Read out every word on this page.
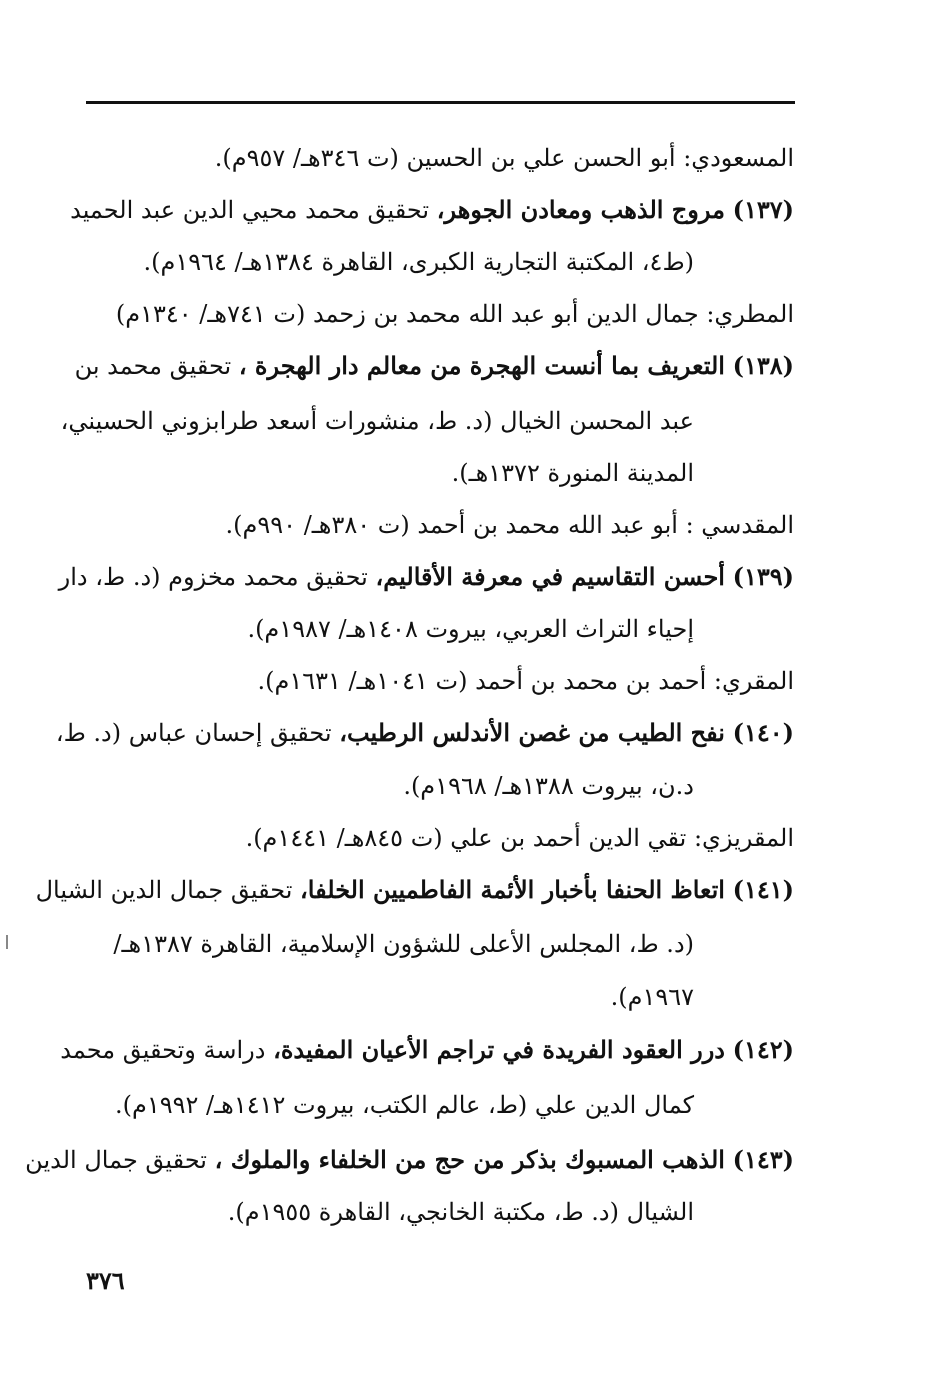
المسعودي: أبو الحسن علي بن الحسين (ت ٣٤٦هـ/ ٩٥٧م).
(١٣٧) مروج الذهب ومعادن الجوهر، تحقيق محمد محيي الدين عبد الحميد
(ط٤، المكتبة التجارية الكبرى، القاهرة ١٣٨٤هـ/ ١٩٦٤م).
المطري: جمال الدين أبو عبد الله محمد بن زحمد (ت ٧٤١هـ/ ١٣٤٠م)
(١٣٨) التعريف بما أنست الهجرة من معالم دار الهجرة ، تحقيق محمد بن
عبد المحسن الخيال (د. ط، منشورات أسعد طرابزوني الحسيني،
المدينة المنورة ١٣٧٢هـ).
المقدسي : أبو عبد الله محمد بن أحمد (ت ٣٨٠هـ/ ٩٩٠م).
(١٣٩) أحسن التقاسيم في معرفة الأقاليم، تحقيق محمد مخزوم (د. ط، دار
إحياء التراث العربي، بيروت ١٤٠٨هـ/ ١٩٨٧م).
المقري: أحمد بن محمد بن أحمد (ت ١٠٤١هـ/ ١٦٣١م).
(١٤٠) نفح الطيب من غصن الأندلس الرطيب، تحقيق إحسان عباس (د. ط،
د.ن، بيروت ١٣٨٨هـ/ ١٩٦٨م).
المقريزي: تقي الدين أحمد بن علي (ت ٨٤٥هـ/ ١٤٤١م).
(١٤١) اتعاظ الحنفا بأخبار الأئمة الفاطميين الخلفا، تحقيق جمال الدين الشيال
(د. ط، المجلس الأعلى للشؤون الإسلامية، القاهرة ١٣٨٧هـ/
١٩٦٧م).
(١٤٢) درر العقود الفريدة في تراجم الأعيان المفيدة، دراسة وتحقيق محمد
كمال الدين علي (ط، عالم الكتب، بيروت ١٤١٢هـ/ ١٩٩٢م).
(١٤٣) الذهب المسبوك بذكر من حج من الخلفاء والملوك ، تحقيق جمال الدين
الشيال (د. ط، مكتبة الخانجي، القاهرة ١٩٥٥م).
٣٧٦
